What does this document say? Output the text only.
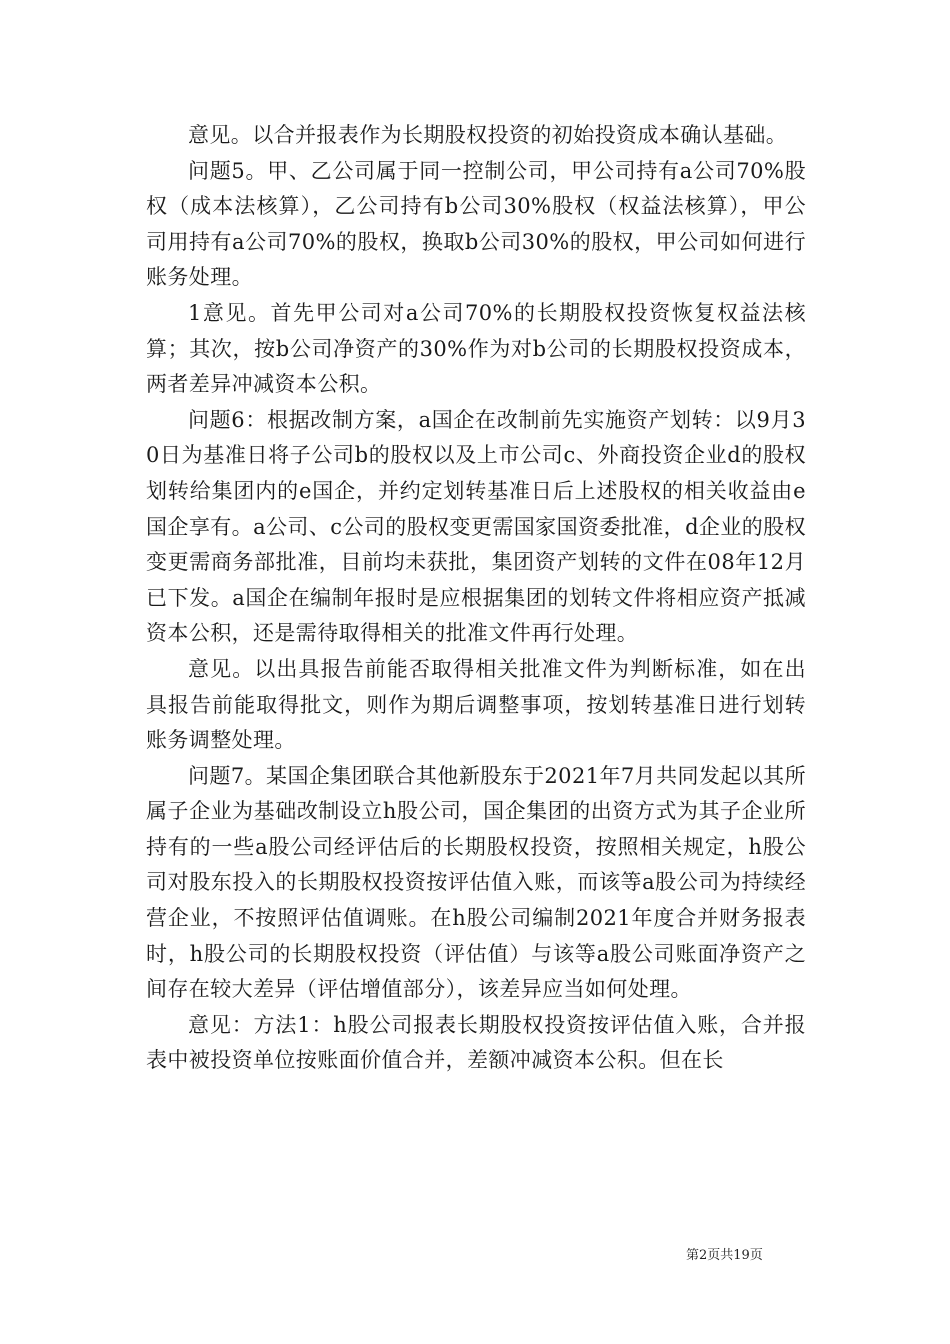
意见。以合并报表作为长期股权投资的初始投资成本确认基础。

问题5。甲、乙公司属于同一控制公司，甲公司持有a公司70%股权（成本法核算），乙公司持有b公司30%股权（权益法核算），甲公司用持有a公司70%的股权，换取b公司30%的股权，甲公司如何进行账务处理。

1意见。首先甲公司对a公司70%的长期股权投资恢复权益法核算；其次，按b公司净资产的30%作为对b公司的长期股权投资成本，两者差异冲减资本公积。

问题6：根据改制方案，a国企在改制前先实施资产划转：以9月30日为基准日将子公司b的股权以及上市公司c、外商投资企业d的股权划转给集团内的e国企，并约定划转基准日后上述股权的相关收益由e国企享有。a公司、c公司的股权变更需国家国资委批准，d企业的股权变更需商务部批准，目前均未获批，集团资产划转的文件在08年12月已下发。a国企在编制年报时是应根据集团的划转文件将相应资产抵减资本公积，还是需待取得相关的批准文件再行处理。

意见。以出具报告前能否取得相关批准文件为判断标准，如在出具报告前能取得批文，则作为期后调整事项，按划转基准日进行划转账务调整处理。

问题7。某国企集团联合其他新股东于2021年7月共同发起以其所属子企业为基础改制设立h股公司，国企集团的出资方式为其子企业所持有的一些a股公司经评估后的长期股权投资，按照相关规定，h股公司对股东投入的长期股权投资按评估值入账，而该等a股公司为持续经营企业，不按照评估值调账。在h股公司编制2021年度合并财务报表时，h股公司的长期股权投资（评估值）与该等a股公司账面净资产之间存在较大差异（评估增值部分），该差异应当如何处理。

意见：方法1：h股公司报表长期股权投资按评估值入账，合并报表中被投资单位按账面价值合并，差额冲减资本公积。但在长

第2页共19页
